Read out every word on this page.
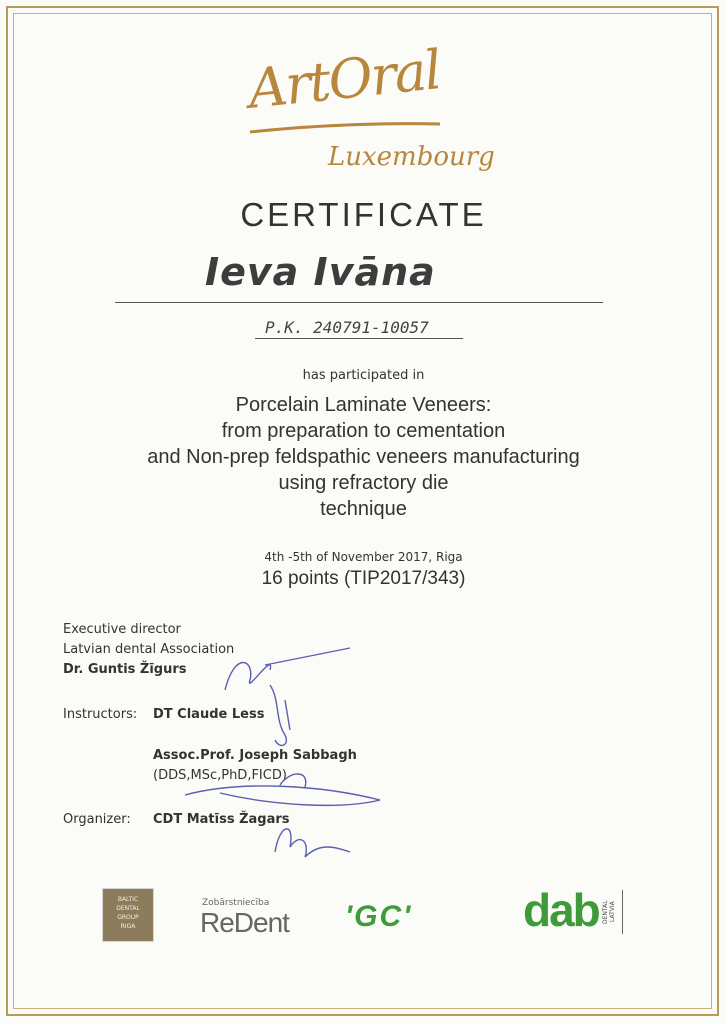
ArtOral
Luxembourg
CERTIFICATE
Ieva Ivāna
P.K. 240791-10057
has participated in
Porcelain Laminate Veneers:
from preparation to cementation
and Non-prep feldspathic veneers manufacturing
using refractory die
technique
4th -5th of November 2017, Riga
16 points (TIP2017/343)
Executive director
Latvian dental Association
Dr. Guntis Žīgurs
Instructors: DT Claude Less
Assoc.Prof. Joseph Sabbagh
(DDS,MSc,PhD,FICD)
Organizer: CDT Matīss Žagars
BALTIC
DENTAL
GROUP
RIGA
Zobārstniecība
ReDent 'GC' dab DENTAL LATVIA
